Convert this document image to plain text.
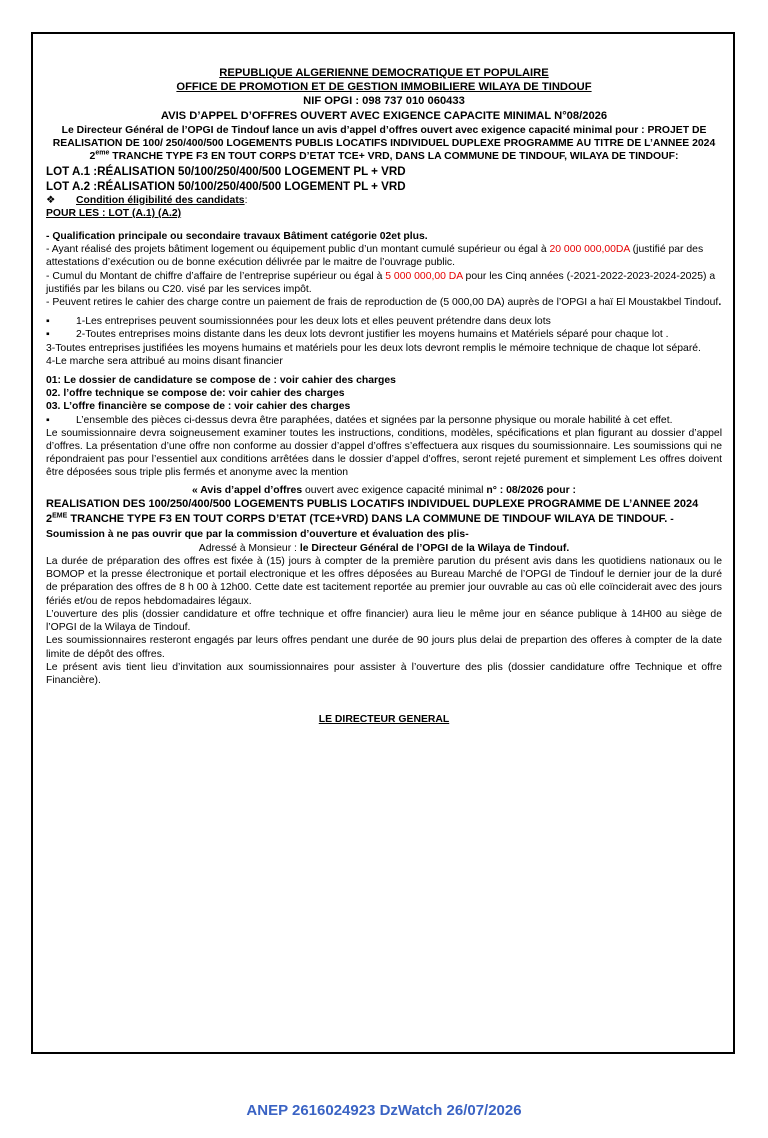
REPUBLIQUE ALGERIENNE DEMOCRATIQUE ET POPULAIRE

OFFICE DE PROMOTION ET DE GESTION IMMOBILIERE WILAYA DE TINDOUF

NIF OPGI : 098 737 010 060433

AVIS D’APPEL D’OFFRES OUVERT AVEC EXIGENCE CAPACITE MINIMAL N°08/2026

Le Directeur Général de l’OPGI de Tindouf lance un avis d’appel d’offres ouvert avec exigence capacité minimal pour : PROJET DE REALISATION DE 100/ 250/400/500 LOGEMENTS PUBLIS LOCATIFS INDIVIDUEL DUPLEXE PROGRAMME AU TITRE DE L’ANNEE 2024 2eme TRANCHE TYPE F3 EN TOUT CORPS D’ETAT TCE+ VRD, DANS LA COMMUNE DE TINDOUF, WILAYA DE TINDOUF:

LOT A.1 :RÉALISATION 50/100/250/400/500 LOGEMENT PL + VRD

LOT A.2 :RÉALISATION 50/100/250/400/500 LOGEMENT PL + VRD

❖ Condition éligibilité des candidats:

POUR LES : LOT (A.1) (A.2)

- Qualification principale ou secondaire travaux Bâtiment catégorie 02et plus.

- Ayant réalisé des projets bâtiment logement ou équipement public d’un montant cumulé supérieur ou égal à 20 000 000,00DA (justifié par des attestations d’exécution ou de bonne exécution délivrée par le maitre de l’ouvrage public.

- Cumul du Montant de chiffre d’affaire de l’entreprise supérieur ou égal à 5 000 000,00 DA pour les Cinq années (-2021-2022-2023-2024-2025) a justifiés par les bilans ou C20. visé par les services impôt.

- Peuvent retires le cahier des charge contre un paiement de frais de reproduction de (5 000,00 DA) auprès de l’OPGI a haï El Moustakbel Tindouf.

▪	1-Les entreprises peuvent soumissionnées pour les deux lots et elles peuvent prétendre dans deux lots

▪	2-Toutes entreprises moins distante dans les deux lots devront justifier les moyens humains et Matériels séparé pour chaque lot .

3-Toutes entreprises justifiées les moyens humains et matériels pour les deux lots devront remplis le mémoire technique de chaque lot séparé.

4-Le marche sera attribué au moins disant financier

01: Le dossier de candidature se compose de : voir cahier des charges

02. l’offre technique se compose de: voir cahier des charges

03. L’offre financière se compose de : voir cahier des charges

▪	L’ensemble des pièces ci-dessus devra être paraphées, datées et signées par la personne physique ou morale habilité à cet effet.

Le soumissionnaire devra soigneusement examiner toutes les instructions, conditions, modèles, spécifications et plan figurant au dossier d’appel d’offres. La présentation d’une offre non conforme au dossier d’appel d’offres s’effectuera aux risques du soumissionnaire. Les soumissions qui ne répondraient pas pour l’essentiel aux conditions arrêtées dans le dossier d’appel d’offres, seront rejeté purement et simplement Les offres doivent être déposées sous triple plis fermés et anonyme avec la mention

« Avis d’appel d’offres ouvert avec exigence capacité minimal n° : 08/2026 pour :

REALISATION DES 100/250/400/500 LOGEMENTS PUBLIS LOCATIFS INDIVIDUEL DUPLEXE PROGRAMME DE L’ANNEE 2024 2EME TRANCHE TYPE F3 EN TOUT CORPS D’ETAT (TCE+VRD) DANS LA COMMUNE DE TINDOUF WILAYA DE TINDOUF. - Soumission à ne pas ouvrir que par la commission d’ouverture et évaluation des plis-

Adressé à Monsieur : le Directeur Général de l’OPGI de la Wilaya de Tindouf.

La durée de préparation des offres est fixée à (15) jours à compter de la première parution du présent avis dans les quotidiens nationaux ou le BOMOP et la presse électronique et portail electronique et les offres déposées au Bureau Marché de l’OPGI de Tindouf le dernier jour de la duré de préparation des offres de 8 h 00 à 12h00. Cette date est tacitement reportée au premier jour ouvrable au cas où elle coïnciderait avec des jours fériés et/ou de repos hebdomadaires légaux.

L’ouverture des plis (dossier candidature et offre technique et offre financier) aura lieu le même jour en séance publique à 14H00 au siège de l’OPGI de la Wilaya de Tindouf.

Les soumissionnaires resteront engagés par leurs offres pendant une durée de 90 jours plus delai de prepartion des offeres à compter de la date limite de dépôt des offres.

Le présent avis tient lieu d’invitation aux soumissionnaires pour assister à l’ouverture des plis (dossier candidature offre Technique et offre Financière).

LE DIRECTEUR GENERAL

ANEP 2616024923 DzWatch 26/07/2026
